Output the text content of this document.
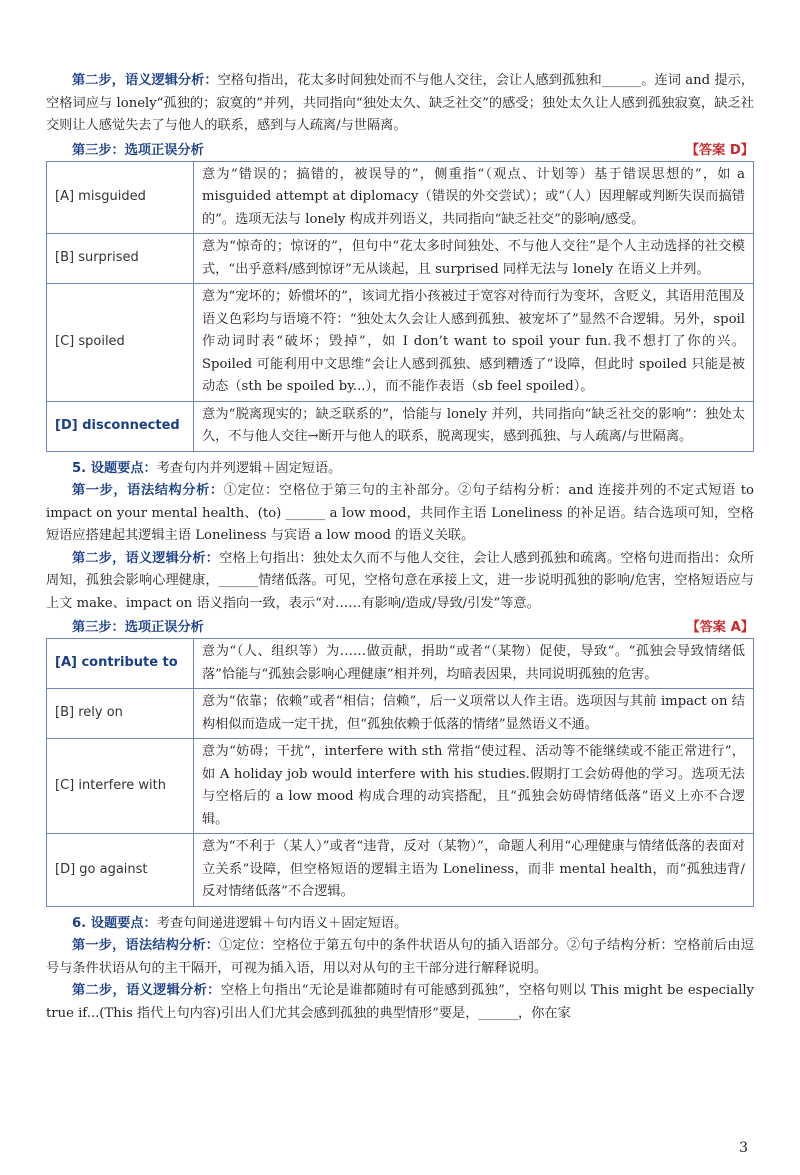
第二步，语义逻辑分析：空格句指出，花太多时间独处而不与他人交往，会让人感到孤独和______。连词 and 提示，空格词应与 lonely“孤独的；寂寞的”并列，共同指向“独处太久、缺乏社交”的感受；独处太久让人感到孤独寂寞，缺乏社交则让人感觉失去了与他人的联系，感到与人疏离/与世隔离。

第三步：选项正误分析	【答案 D】
[A] misguided	意为“错误的；搞错的，被误导的”，侧重指“（观点、计划等）基于错误思想的”，如 a misguided attempt at diplomacy（错误的外交尝试）；或“（人）因理解或判断失误而搞错的”。选项无法与 lonely 构成并列语义，共同指向“缺乏社交”的影响/感受。
[B] surprised	意为“惊奇的；惊讶的”，但句中“花太多时间独处、不与他人交往”是个人主动选择的社交模式，“出乎意料/感到惊讶”无从谈起，且 surprised 同样无法与 lonely 在语义上并列。
[C] spoiled	意为“宠坏的；娇惯坏的”，该词尤指小孩被过于宽容对待而行为变坏，含贬义，其语用范围及语义色彩均与语境不符：“独处太久会让人感到孤独、被宠坏了”显然不合逻辑。另外，spoil 作动词时表“破坏；毁掉”，如 I don’t want to spoil your fun.我不想打了你的兴。Spoiled 可能利用中文思维“会让人感到孤独、感到糟透了”设障，但此时 spoiled 只能是被动态（sth be spoiled by...），而不能作表语（sb feel spoiled）。
[D] disconnected	意为“脱离现实的；缺乏联系的”，恰能与 lonely 并列，共同指向“缺乏社交的影响”：独处太久，不与他人交往→断开与他人的联系，脱离现实，感到孤独、与人疏离/与世隔离。

5. 设题要点：考查句内并列逻辑＋固定短语。

第一步，语法结构分析：①定位：空格位于第三句的主补部分。②句子结构分析：and 连接并列的不定式短语 to impact on your mental health、(to) ______ a low mood，共同作主语 Loneliness 的补足语。结合选项可知，空格短语应搭建起其逻辑主语 Loneliness 与宾语 a low mood 的语义关联。

第二步，语义逻辑分析：空格上句指出：独处太久而不与他人交往，会让人感到孤独和疏离。空格句进而指出：众所周知，孤独会影响心理健康，______情绪低落。可见，空格句意在承接上文，进一步说明孤独的影响/危害，空格短语应与上文 make、impact on 语义指向一致，表示“对……有影响/造成/导致/引发”等意。

第三步：选项正误分析	【答案 A】
[A] contribute to	意为“（人、组织等）为……做贡献，捐助”或者“（某物）促使，导致”。“孤独会导致情绪低落”恰能与“孤独会影响心理健康”相并列，均暗表因果，共同说明孤独的危害。
[B] rely on	意为“依靠；依赖”或者“相信；信赖”，后一义项常以人作主语。选项因与其前 impact on 结构相似而造成一定干扰，但“孤独依赖于低落的情绪”显然语义不通。
[C] interfere with	意为“妨碍；干扰”，interfere with sth 常指“使过程、活动等不能继续或不能正常进行”，如 A holiday job would interfere with his studies.假期打工会妨碍他的学习。选项无法与空格后的 a low mood 构成合理的动宾搭配，且“孤独会妨碍情绪低落”语义上亦不合逻辑。
[D] go against	意为“不利于（某人）”或者“违背，反对（某物）”，命题人利用“心理健康与情绪低落的表面对立关系”设障，但空格短语的逻辑主语为 Loneliness，而非 mental health，而“孤独违背/反对情绪低落”不合逻辑。

6. 设题要点：考查句间递进逻辑＋句内语义＋固定短语。

第一步，语法结构分析：①定位：空格位于第五句中的条件状语从句的插入语部分。②句子结构分析：空格前后由逗号与条件状语从句的主干隔开，可视为插入语，用以对从句的主干部分进行解释说明。

第二步，语义逻辑分析：空格上句指出“无论是谁都随时有可能感到孤独”，空格句则以 This might be especially true if...(This 指代上句内容)引出人们尤其会感到孤独的典型情形“要是，______，你在家

3
